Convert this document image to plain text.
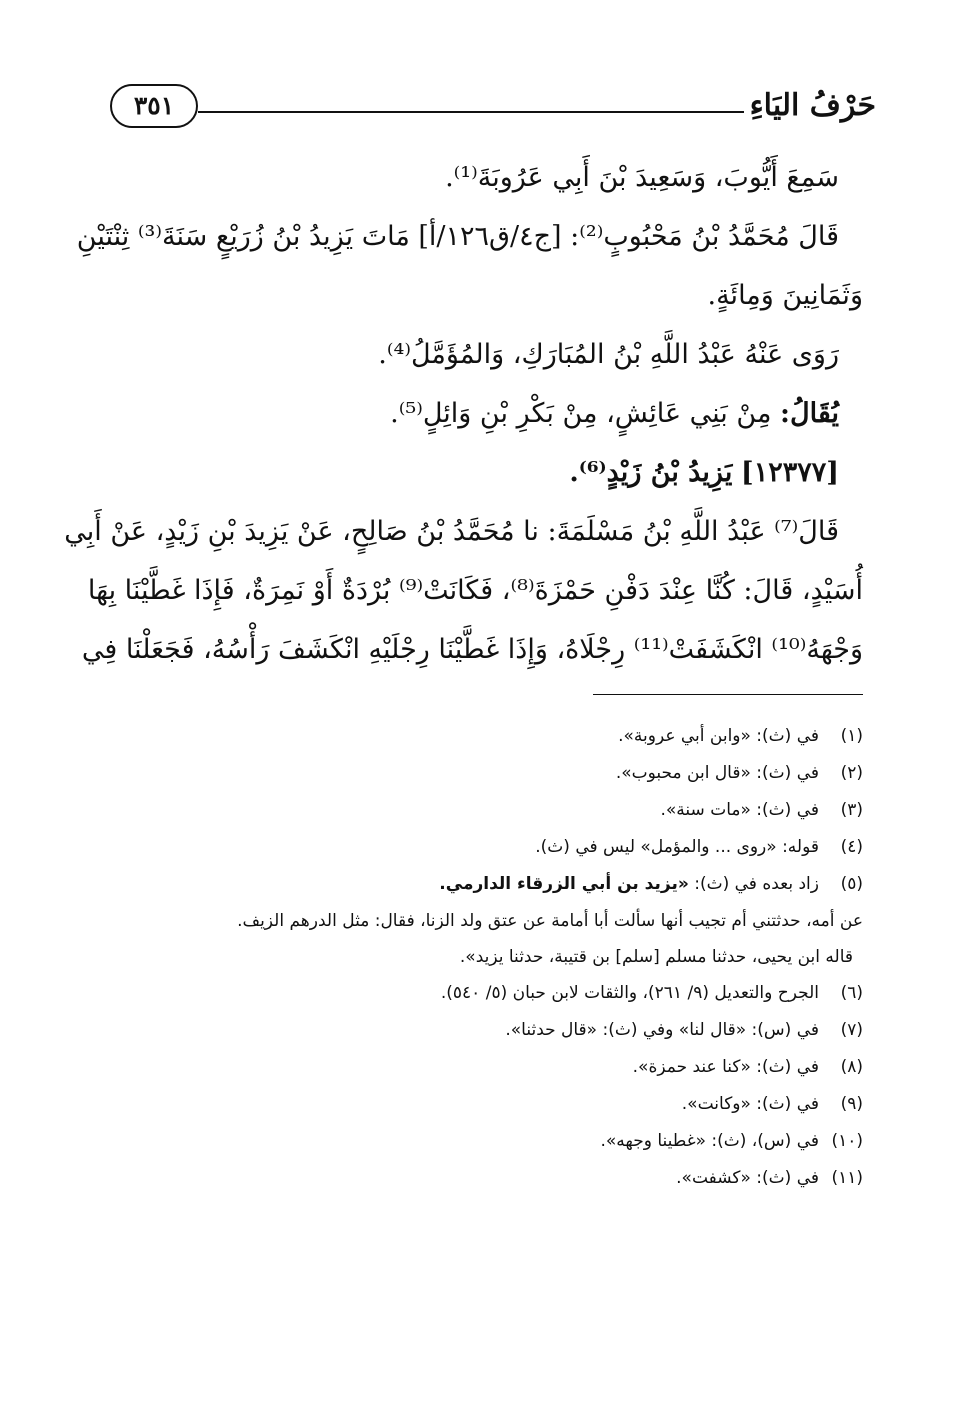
حَرْفُ اليَاءِ
٣٥١

سَمِعَ أَيُّوبَ، وَسَعِيدَ بْنَ أَبِي عَرُوبَةَ⁽¹⁾.

قَالَ مُحَمَّدُ بْنُ مَحْبُوبٍ⁽²⁾: [ج٤/ق١٢٦/أ] مَاتَ يَزِيدُ بْنُ زُرَيْعٍ سَنَةَ⁽³⁾ ثِنْتَيْنِ

وَثَمَانِينَ وَمِائَةٍ.

رَوَى عَنْهُ عَبْدُ اللَّهِ بْنُ المُبَارَكِ، وَالمُؤَمَّلُ⁽⁴⁾.

يُقَالُ: مِنْ بَنِي عَائِشٍ، مِنْ بَكْرِ بْنِ وَائِلٍ⁽⁵⁾.

[١٢٣٧٧] يَزِيدُ بْنُ زَيْدٍ⁽⁶⁾.

قَالَ⁽⁷⁾ عَبْدُ اللَّهِ بْنُ مَسْلَمَةَ: نا مُحَمَّدُ بْنُ صَالِحٍ، عَنْ يَزِيدَ بْنِ زَيْدٍ، عَنْ أَبِي

أُسَيْدٍ، قَالَ: كُنَّا عِنْدَ دَفْنِ حَمْزَةَ⁽⁸⁾، فَكَانَتْ⁽⁹⁾ بُرْدَةٌ أَوْ نَمِرَةٌ، فَإِذَا غَطَّيْنَا بِهَا

وَجْهَهُ⁽¹⁰⁾ انْكَشَفَتْ⁽¹¹⁾ رِجْلَاهُ، وَإِذَا غَطَّيْنَا رِجْلَيْهِ انْكَشَفَ رَأْسُهُ، فَجَعَلْنَا فِي

(١)في (ث): «وابن أبي عروبة».
(٢)في (ث): «قال ابن محبوب».
(٣)في (ث): «مات سنة».
(٤)قوله: «روى ... والمؤمل» ليس في (ث).
(٥)زاد بعده في (ث): «يزيد بن أبي الزرقاء الدارمي.
عن أمه، حدثتني أم تجيب أنها سألت أبا أمامة عن عتق ولد الزنا، فقال: مثل الدرهم الزيف.
قاله ابن يحيى، حدثنا مسلم [سلم] بن قتيبة، حدثنا يزيد».
(٦)الجرح والتعديل (٩/ ٢٦١)، والثقات لابن حبان (٥/ ٥٤٠).
(٧)في (س): «قال لنا» وفي (ث): «قال حدثنا».
(٨)في (ث): «كنا عند حمزة».
(٩)في (ث): «وكانت».
(١٠)في (س)، (ث): «غطينا وجهه».
(١١)في (ث): «كشفت».
